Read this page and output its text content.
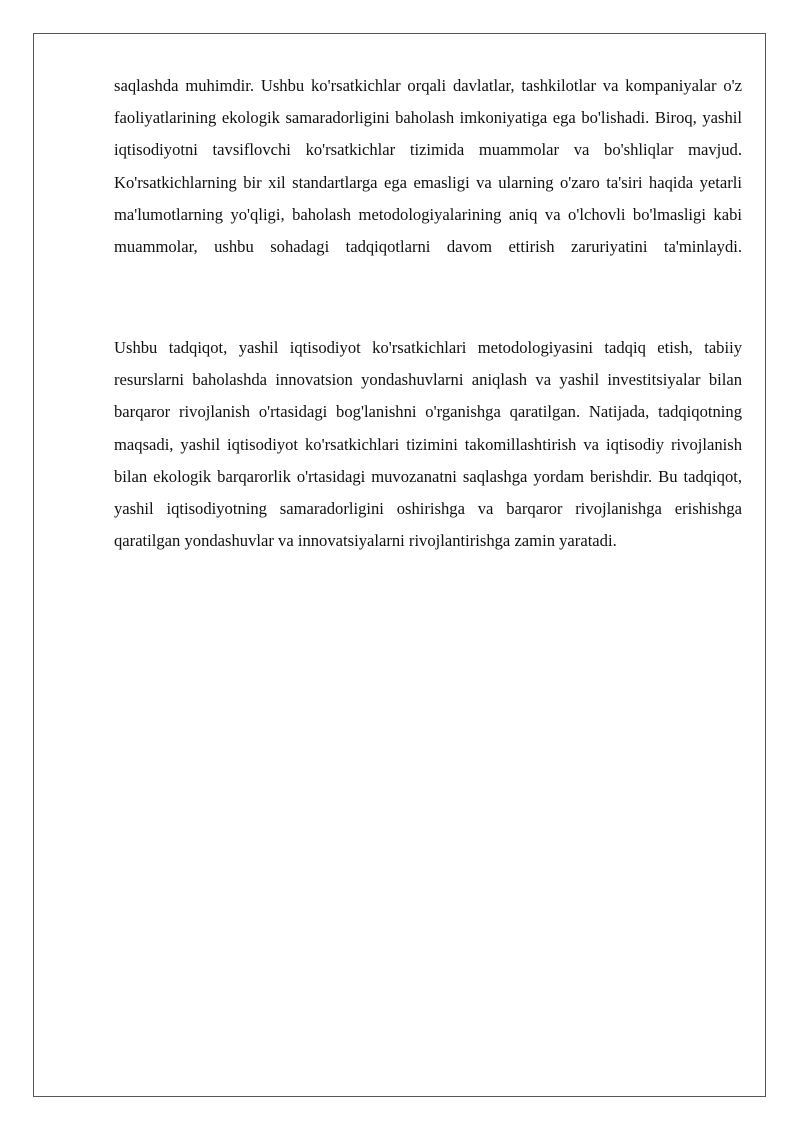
saqlashda muhimdir. Ushbu ko'rsatkichlar orqali davlatlar, tashkilotlar va kompaniyalar o'z faoliyatlarining ekologik samaradorligini baholash imkoniyatiga ega bo'lishadi. Biroq, yashil iqtisodiyotni tavsiflovchi ko'rsatkichlar tizimida muammolar va bo'shliqlar mavjud. Ko'rsatkichlarning bir xil standartlarga ega emasligi va ularning o'zaro ta'siri haqida yetarli ma'lumotlarning yo'qligi, baholash metodologiyalarining aniq va o'lchovli bo'lmasligi kabi muammolar, ushbu sohadagi tadqiqotlarni davom ettirish zaruriyatini ta'minlaydi.

Ushbu tadqiqot, yashil iqtisodiyot ko'rsatkichlari metodologiyasini tadqiq etish, tabiiy resurslarni baholashda innovatsion yondashuvlarni aniqlash va yashil investitsiyalar bilan barqaror rivojlanish o'rtasidagi bog'lanishni o'rganishga qaratilgan. Natijada, tadqiqotning maqsadi, yashil iqtisodiyot ko'rsatkichlari tizimini takomillashtirish va iqtisodiy rivojlanish bilan ekologik barqarorlik o'rtasidagi muvozanatni saqlashga yordam berishdir. Bu tadqiqot, yashil iqtisodiyotning samaradorligini oshirishga va barqaror rivojlanishga erishishga qaratilgan yondashuvlar va innovatsiyalarni rivojlantirishga zamin yaratadi.
